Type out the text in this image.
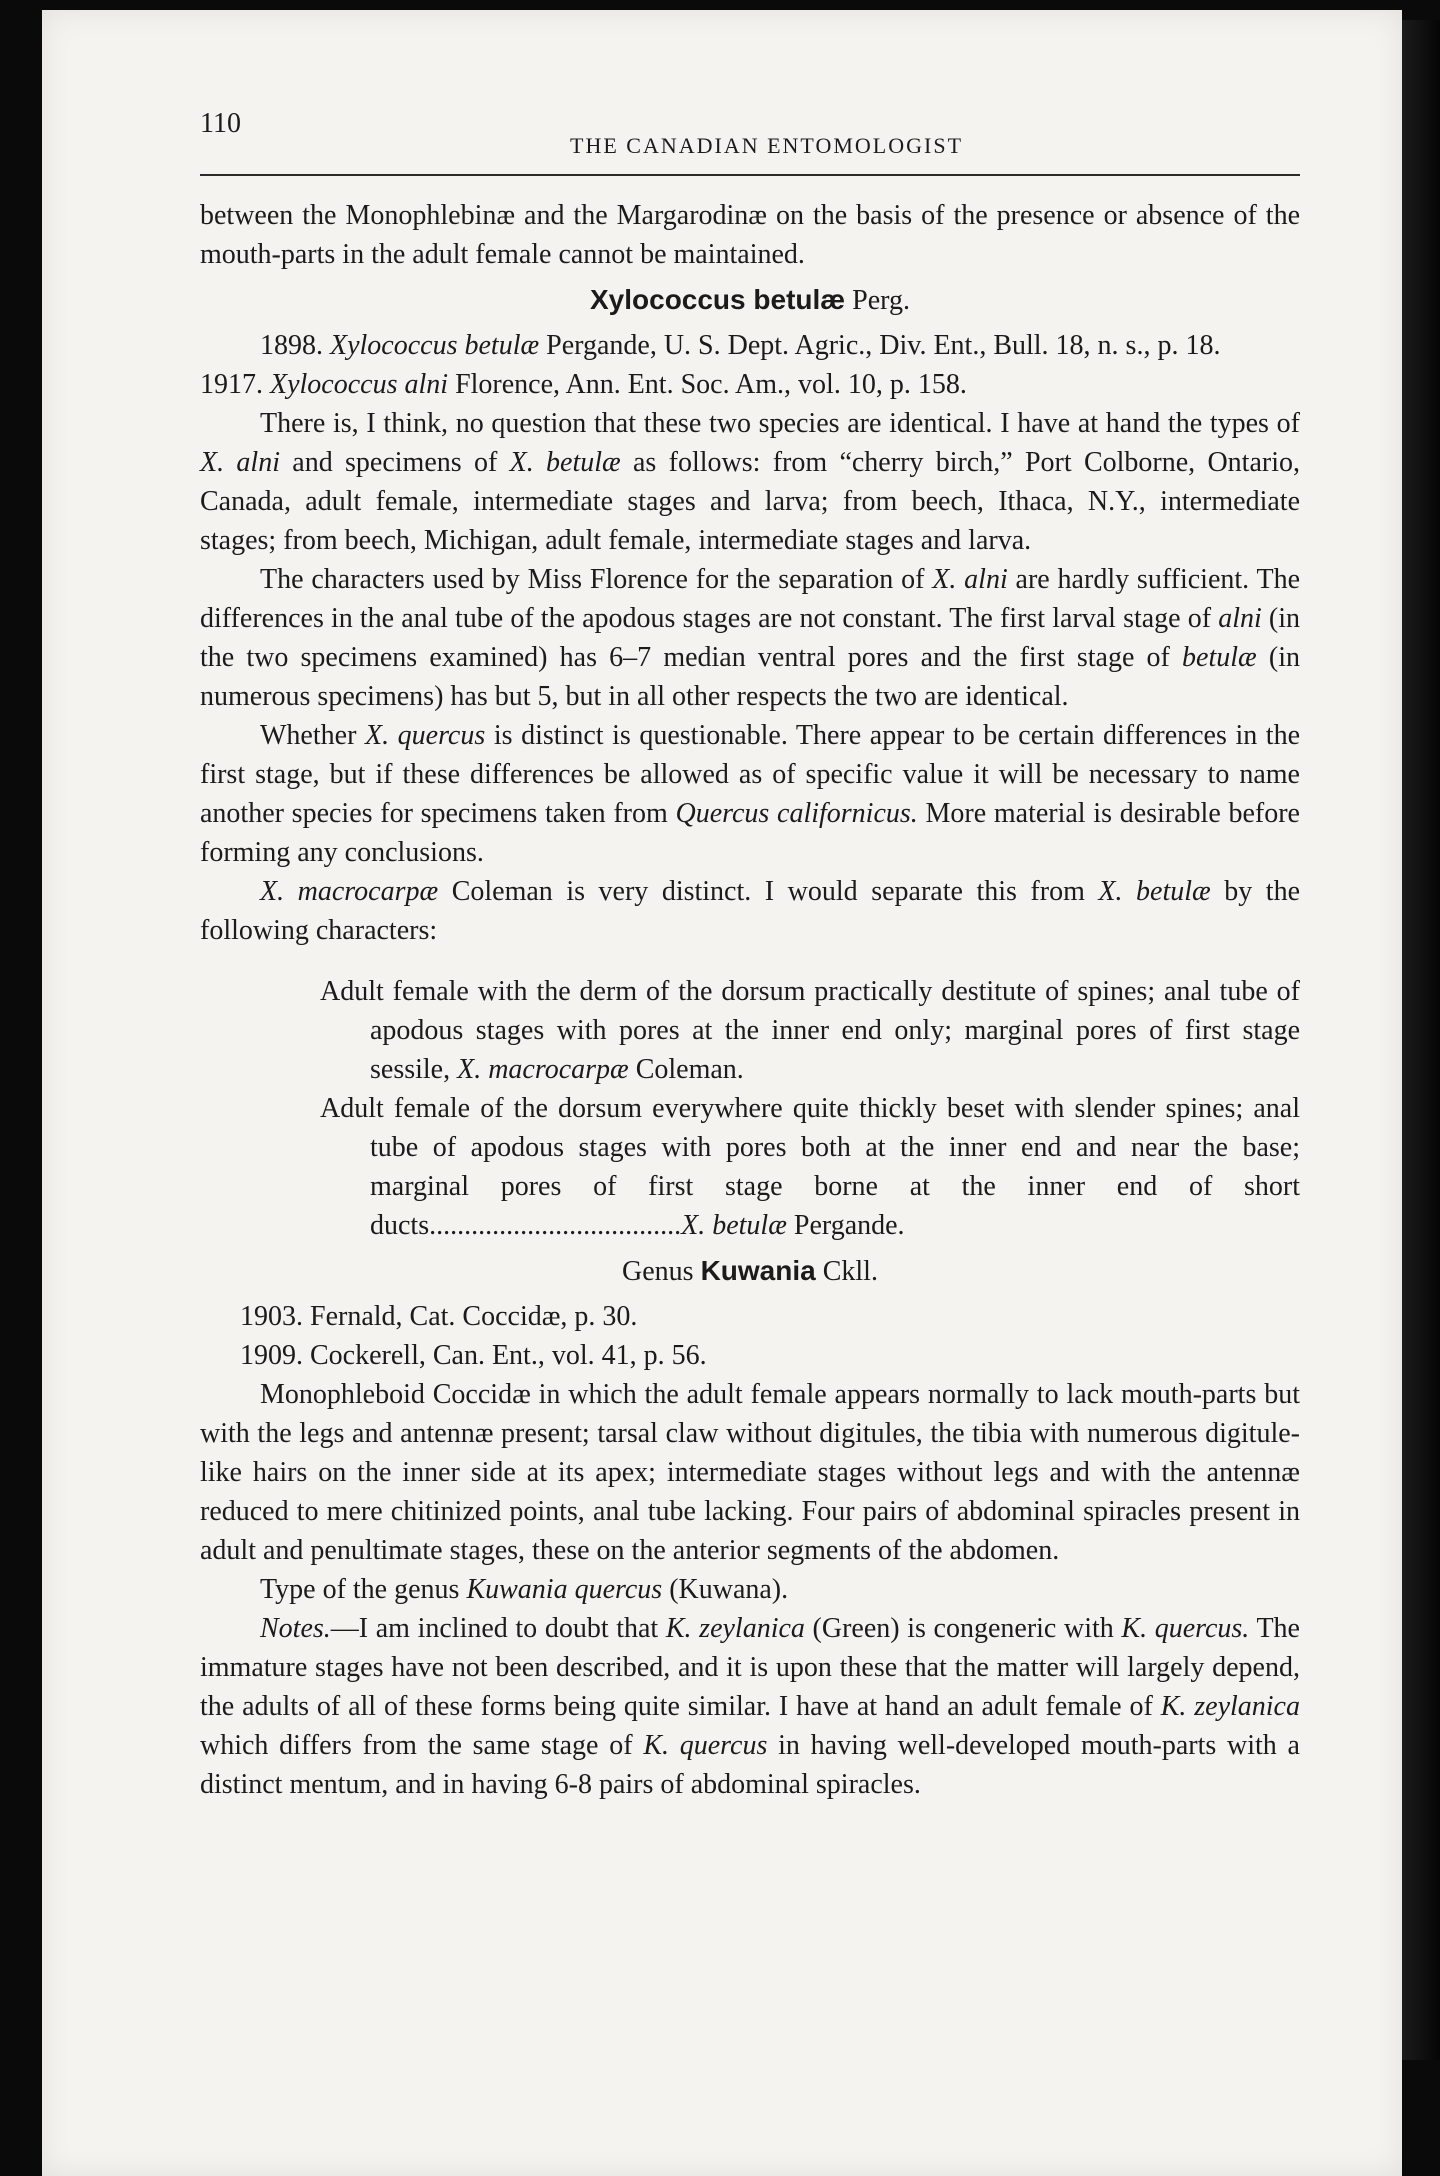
110
THE CANADIAN ENTOMOLOGIST

between the Monophlebinæ and the Margarodinæ on the basis of the presence or absence of the mouth-parts in the adult female cannot be maintained.

Xylococcus betulæ Perg.

1898. Xylococcus betulæ Pergande, U. S. Dept. Agric., Div. Ent., Bull. 18, n. s., p. 18.

1917. Xylococcus alni Florence, Ann. Ent. Soc. Am., vol. 10, p. 158.

There is, I think, no question that these two species are identical. I have at hand the types of X. alni and specimens of X. betulæ as follows: from “cherry birch,” Port Colborne, Ontario, Canada, adult female, intermediate stages and larva; from beech, Ithaca, N.Y., intermediate stages; from beech, Michigan, adult female, intermediate stages and larva.

The characters used by Miss Florence for the separation of X. alni are hardly sufficient. The differences in the anal tube of the apodous stages are not constant. The first larval stage of alni (in the two specimens examined) has 6–7 median ventral pores and the first stage of betulæ (in numerous specimens) has but 5, but in all other respects the two are identical.

Whether X. quercus is distinct is questionable. There appear to be certain differences in the first stage, but if these differences be allowed as of specific value it will be necessary to name another species for specimens taken from Quercus californicus. More material is desirable before forming any conclusions.

X. macrocarpæ Coleman is very distinct. I would separate this from X. betulæ by the following characters:

Adult female with the derm of the dorsum practically destitute of spines; anal tube of apodous stages with pores at the inner end only; marginal pores of first stage sessile, X. macrocarpæ Coleman.

Adult female of the dorsum everywhere quite thickly beset with slender spines; anal tube of apodous stages with pores both at the inner end and near the base; marginal pores of first stage borne at the inner end of short ducts....................................X. betulæ Pergande.

Genus Kuwania Ckll.

1903. Fernald, Cat. Coccidæ, p. 30.

1909. Cockerell, Can. Ent., vol. 41, p. 56.

Monophleboid Coccidæ in which the adult female appears normally to lack mouth-parts but with the legs and antennæ present; tarsal claw without digitules, the tibia with numerous digitule-like hairs on the inner side at its apex; intermediate stages without legs and with the antennæ reduced to mere chitinized points, anal tube lacking. Four pairs of abdominal spiracles present in adult and penultimate stages, these on the anterior segments of the abdomen.

Type of the genus Kuwania quercus (Kuwana).

Notes.—I am inclined to doubt that K. zeylanica (Green) is congeneric with K. quercus. The immature stages have not been described, and it is upon these that the matter will largely depend, the adults of all of these forms being quite similar. I have at hand an adult female of K. zeylanica which differs from the same stage of K. quercus in having well-developed mouth-parts with a distinct mentum, and in having 6-8 pairs of abdominal spiracles.
